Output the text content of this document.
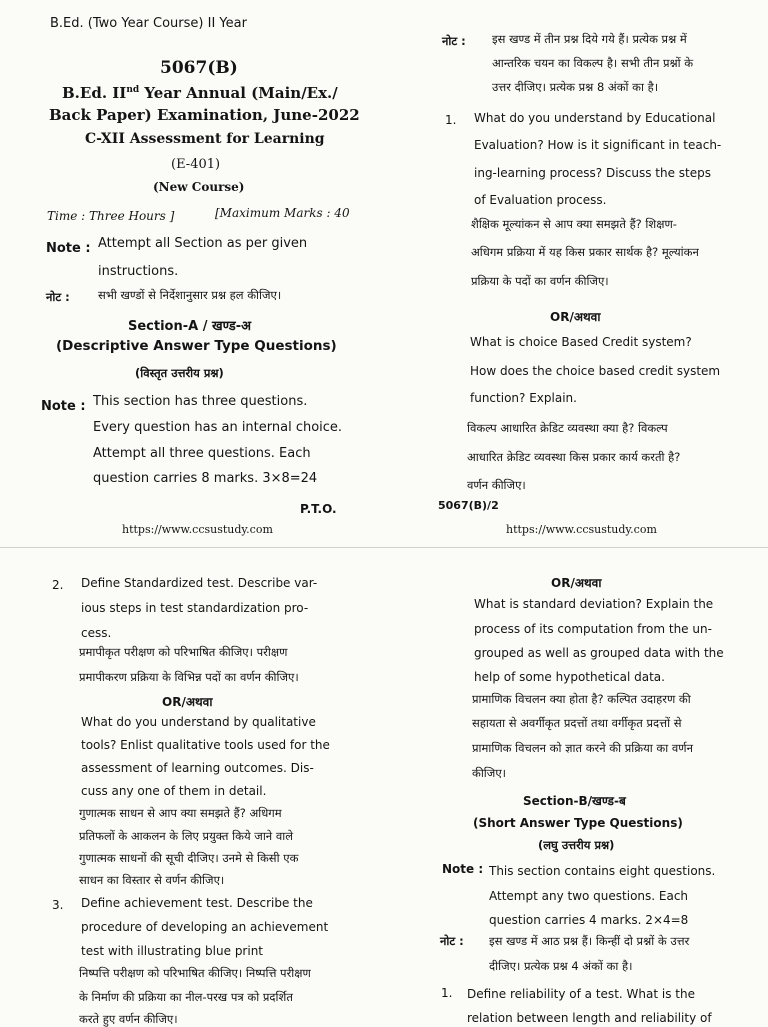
B.Ed. (Two Year Course) II Year
5067(B)
B.Ed. IInd Year Annual (Main/Ex./
Back Paper) Examination, June-2022
C-XII Assessment for Learning
(E-401)
(New Course)
Time : Three Hours ]	[Maximum Marks : 40
Note : Attempt all Section as per given
instructions.
नोट : सभी खण्डों से निर्देशानुसार प्रश्न हल कीजिए।
Section-A / खण्ड-अ
(Descriptive Answer Type Questions)
(विस्तृत उत्तरीय प्रश्न)
Note : This section has three questions.
Every question has an internal choice.
Attempt all three questions. Each
question carries 8 marks. 3×8=24
P.T.O.
https://www.ccsustudy.com
नोट : इस खण्ड में तीन प्रश्न दिये गये हैं। प्रत्येक प्रश्न में
आन्तरिक चयन का विकल्प है। सभी तीन प्रश्नों के
उत्तर दीजिए। प्रत्येक प्रश्न 8 अंकों का है।
1. What do you understand by Educational
Evaluation? How is it significant in teach-
ing-learning process? Discuss the steps
of Evaluation process.
शैक्षिक मूल्यांकन से आप क्या समझते हैं? शिक्षण-
अधिगम प्रक्रिया में यह किस प्रकार सार्थक है? मूल्यांकन
प्रक्रिया के पदों का वर्णन कीजिए।
OR/अथवा
What is choice Based Credit system?
How does the choice based credit system
function? Explain.
विकल्प आधारित क्रेडिट व्यवस्था क्या है? विकल्प
आधारित क्रेडिट व्यवस्था किस प्रकार कार्य करती है?
वर्णन कीजिए।
5067(B)/2
https://www.ccsustudy.com
2. Define Standardized test. Describe var-
ious steps in test standardization pro-
cess.
प्रमापीकृत परीक्षण को परिभाषित कीजिए। परीक्षण
प्रमापीकरण प्रक्रिया के विभिन्न पदों का वर्णन कीजिए।
OR/अथवा
What do you understand by qualitative
tools? Enlist qualitative tools used for the
assessment of learning outcomes. Dis-
cuss any one of them in detail.
गुणात्मक साधन से आप क्या समझते हैं? अधिगम
प्रतिफलों के आकलन के लिए प्रयुक्त किये जाने वाले
गुणात्मक साधनों की सूची दीजिए। उनमे से किसी एक
साधन का विस्तार से वर्णन कीजिए।
3. Define achievement test. Describe the
procedure of developing an achievement
test with illustrating blue print
निष्पत्ति परीक्षण को परिभाषित कीजिए। निष्पत्ति परीक्षण
के निर्माण की प्रक्रिया का नील-परख पत्र को प्रदर्शित
करते हुए वर्णन कीजिए।
OR/अथवा
What is standard deviation? Explain the
process of its computation from the un-
grouped as well as grouped data with the
help of some hypothetical data.
प्रामाणिक विचलन क्या होता है? कल्पित उदाहरण की
सहायता से अवर्गीकृत प्रदत्तों तथा वर्गीकृत प्रदत्तों से
प्रामाणिक विचलन को ज्ञात करने की प्रक्रिया का वर्णन
कीजिए।
Section-B/खण्ड-ब
(Short Answer Type Questions)
(लघु उत्तरीय प्रश्न)
Note : This section contains eight questions.
Attempt any two questions. Each
question carries 4 marks. 2×4=8
नोट : इस खण्ड में आठ प्रश्न हैं। किन्हीं दो प्रश्नों के उत्तर
दीजिए। प्रत्येक प्रश्न 4 अंकों का है।
1. Define reliability of a test. What is the
relation between length and reliability of
